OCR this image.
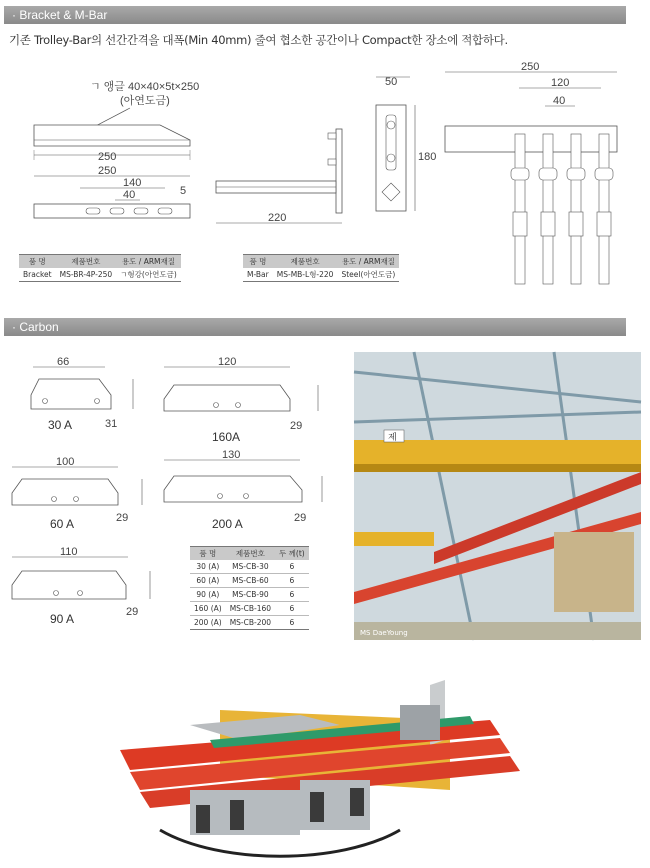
· Bracket & M-Bar
기존 Trolley-Bar의 선간간격을 대폭(Min 40mm) 줄여 협소한 공간이나 Compact한 장소에 적합하다.
ㄱ 앵글 40×40×5t×250
(아연도금)
250
250
140
40	5
50
180
220
250
120
40
품 명	제품번호	용도 / ARM재질
Bracket	MS-BR-4P-250	ㄱ형강(아연도금)
품 명	제품번호	용도 / ARM재질
M-Bar	MS-MB-L형-220	Steel(아연도금)
· Carbon
66
31
30 A
120
29
160A
100
29
60 A
130
29
200 A
110
29
90 A
품 명	제품번호	두 께(t)
30 (A)	MS-CB-30	6
60 (A)	MS-CB-60	6
90 (A)	MS-CB-90	6
160 (A)	MS-CB-160	6
200 (A)	MS-CB-200	6
제
MS DaeYoung
